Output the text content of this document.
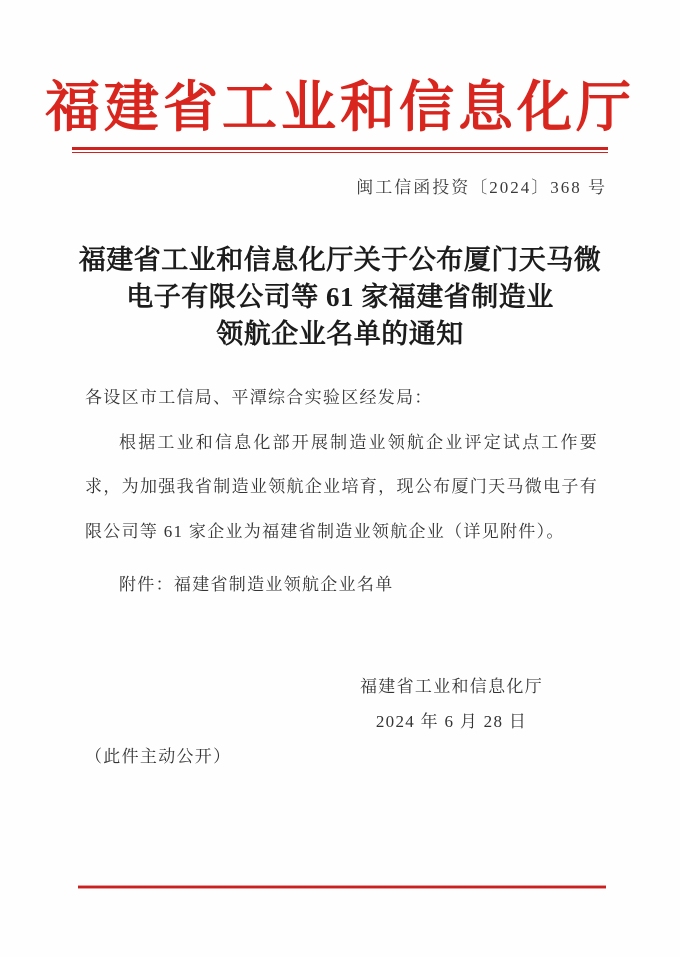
福建省工业和信息化厅
闽工信函投资〔2024〕368 号
福建省工业和信息化厅关于公布厦门天马微
电子有限公司等 61 家福建省制造业
领航企业名单的通知
各设区市工信局、平潭综合实验区经发局：
根据工业和信息化部开展制造业领航企业评定试点工作要求，为加强我省制造业领航企业培育，现公布厦门天马微电子有限公司等 61 家企业为福建省制造业领航企业（详见附件）。
附件：福建省制造业领航企业名单
福建省工业和信息化厅
2024 年 6 月 28 日
（此件主动公开）
